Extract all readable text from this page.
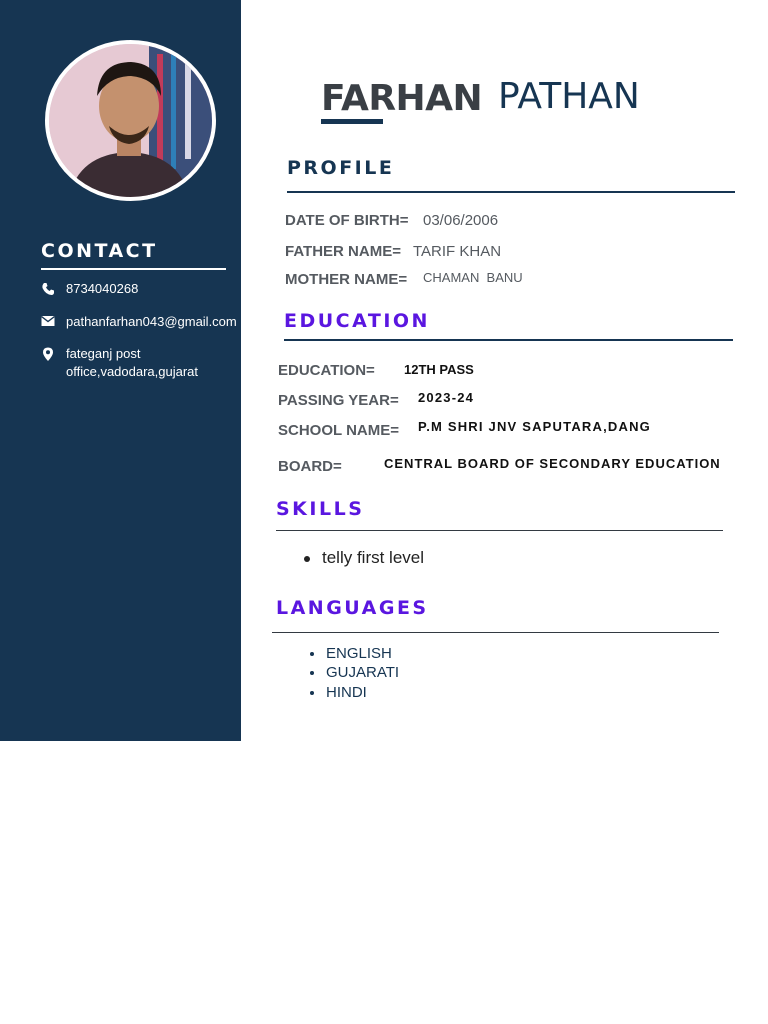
CONTACT
8734040268
pathanfarhan043@gmail.com
fateganj post
office,vadodara,gujarat
FARHAN PATHAN
PROFILE
DATE OF BIRTH= 03/06/2006
FATHER NAME= TARIF KHAN
MOTHER NAME= CHAMAN  BANU
EDUCATION
EDUCATION= 12TH PASS
PASSING YEAR= 2023-24
SCHOOL NAME= P.M SHRI JNV SAPUTARA,DANG
BOARD=	CENTRAL BOARD OF SECONDARY EDUCATION
SKILLS
telly first level
LANGUAGES
ENGLISH
GUJARATI
HINDI
